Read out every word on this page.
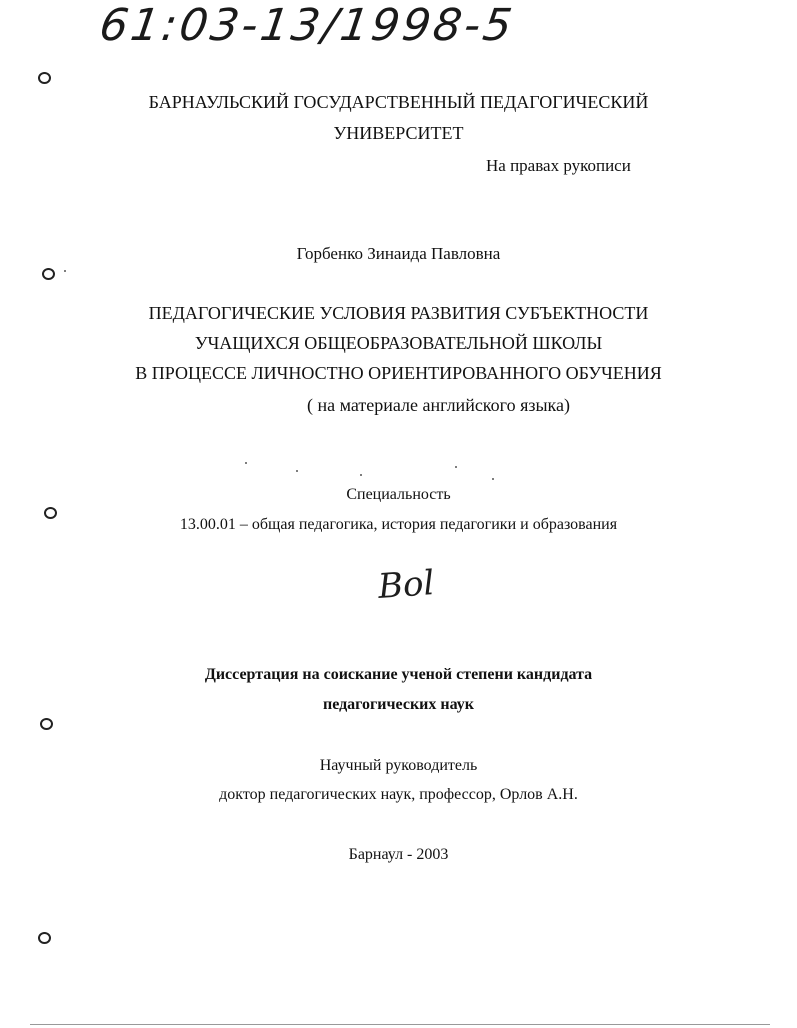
61:03-13/1998-5
БАРНАУЛЬСКИЙ ГОСУДАРСТВЕННЫЙ ПЕДАГОГИЧЕСКИЙ
УНИВЕРСИТЕТ
На правах рукописи
Горбенко Зинаида Павловна
ПЕДАГОГИЧЕСКИЕ УСЛОВИЯ РАЗВИТИЯ СУБЪЕКТНОСТИ
УЧАЩИХСЯ ОБЩЕОБРАЗОВАТЕЛЬНОЙ ШКОЛЫ
В ПРОЦЕССЕ ЛИЧНОСТНО ОРИЕНТИРОВАННОГО ОБУЧЕНИЯ
( на материале английского языка)
Специальность
13.00.01 – общая педагогика, история педагогики и образования
Bol
Диссертация на соискание ученой степени кандидата
педагогических наук
Научный руководитель
доктор педагогических наук, профессор, Орлов А.Н.
Барнаул - 2003
